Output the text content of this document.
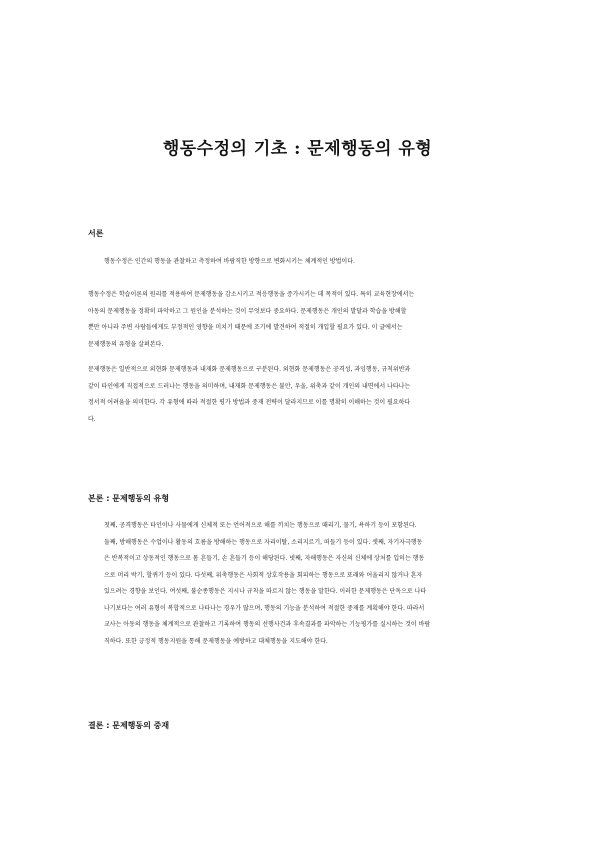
행동수정의 기초 : 문제행동의 유형
서론
행동수정은 인간의 행동을 관찰하고 측정하여 바람직한 방향으로 변화시키는 체계적인 방법이다.
행동수정은 학습이론의 원리를 적용하여 문제행동을 감소시키고 적응행동을 증가시키는 데 목적이 있다. 특히 교육현장에서는
아동의 문제행동을 정확히 파악하고 그 원인을 분석하는 것이 무엇보다 중요하다. 문제행동은 개인의 발달과 학습을 방해할
뿐만 아니라 주변 사람들에게도 부정적인 영향을 미치기 때문에 조기에 발견하여 적절히 개입할 필요가 있다. 이 글에서는
문제행동의 유형을 살펴본다.
문제행동은 일반적으로 외현화 문제행동과 내재화 문제행동으로 구분된다. 외현화 문제행동은 공격성, 과잉행동, 규칙위반과
같이 타인에게 직접적으로 드러나는 행동을 의미하며, 내재화 문제행동은 불안, 우울, 위축과 같이 개인의 내면에서 나타나는
정서적 어려움을 의미한다. 각 유형에 따라 적절한 평가 방법과 중재 전략이 달라지므로 이를 명확히 이해하는 것이 필요하다
다.
본론 : 문제행동의 유형
첫째, 공격행동은 타인이나 사물에게 신체적 또는 언어적으로 해를 끼치는 행동으로 때리기, 물기, 욕하기 등이 포함된다.
둘째, 방해행동은 수업이나 활동의 흐름을 방해하는 행동으로 자리이탈, 소리지르기, 떠들기 등이 있다. 셋째, 자기자극행동
은 반복적이고 상동적인 행동으로 몸 흔들기, 손 흔들기 등이 해당된다. 넷째, 자해행동은 자신의 신체에 상처를 입히는 행동
으로 머리 박기, 할퀴기 등이 있다. 다섯째, 위축행동은 사회적 상호작용을 회피하는 행동으로 또래와 어울리지 않거나 혼자
있으려는 경향을 보인다. 여섯째, 불순종행동은 지시나 규칙을 따르지 않는 행동을 말한다. 이러한 문제행동은 단독으로 나타
나기보다는 여러 유형이 복합적으로 나타나는 경우가 많으며, 행동의 기능을 분석하여 적절한 중재를 계획해야 한다. 따라서
교사는 아동의 행동을 체계적으로 관찰하고 기록하여 행동의 선행사건과 후속결과를 파악하는 기능평가를 실시하는 것이 바람
직하다. 또한 긍정적 행동지원을 통해 문제행동을 예방하고 대체행동을 지도해야 한다.
결론 : 문제행동의 중재
